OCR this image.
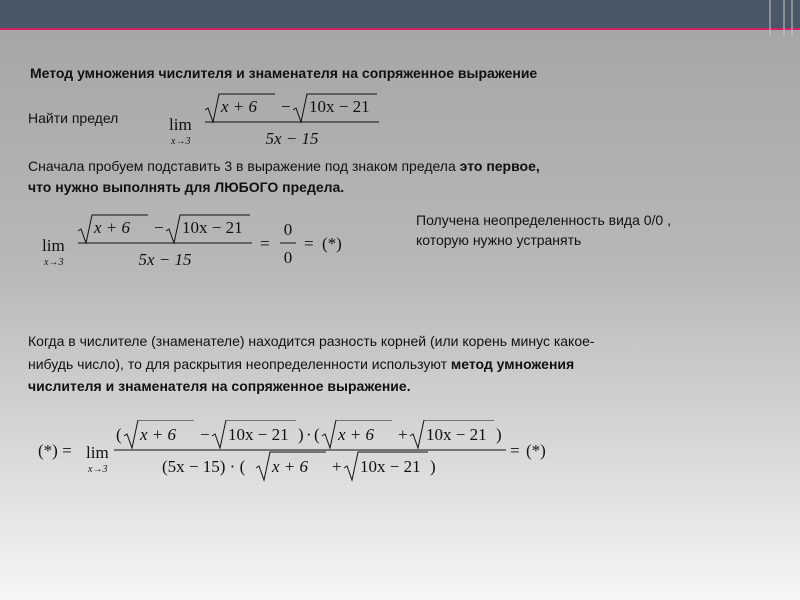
Метод умножения числителя и знаменателя на сопряженное выражение
Найти предел	lim
x→3
x + 6 − 10x − 21
5x − 15
Сначала пробуем подставить 3 в выражение под знаком предела это первое,
что нужно выполнять для ЛЮБОГО предела.
lim
x→3
x + 6 − 10x − 21
5x − 15
=
0
0
= (*)
Получена неопределенность вида 0/0 ,
которую нужно устранять
Когда в числителе (знаменателе) находится разность корней (или корень минус какое-
нибудь число), то для раскрытия неопределенности используют метод умножения
числителя и знаменателя на сопряженное выражение.
(*) = lim
x→3
( x + 6 − 10x − 21 ) · ( x + 6 + 10x − 21 )
(5x − 15) · ( x + 6 + 10x − 21 )
= (*)
